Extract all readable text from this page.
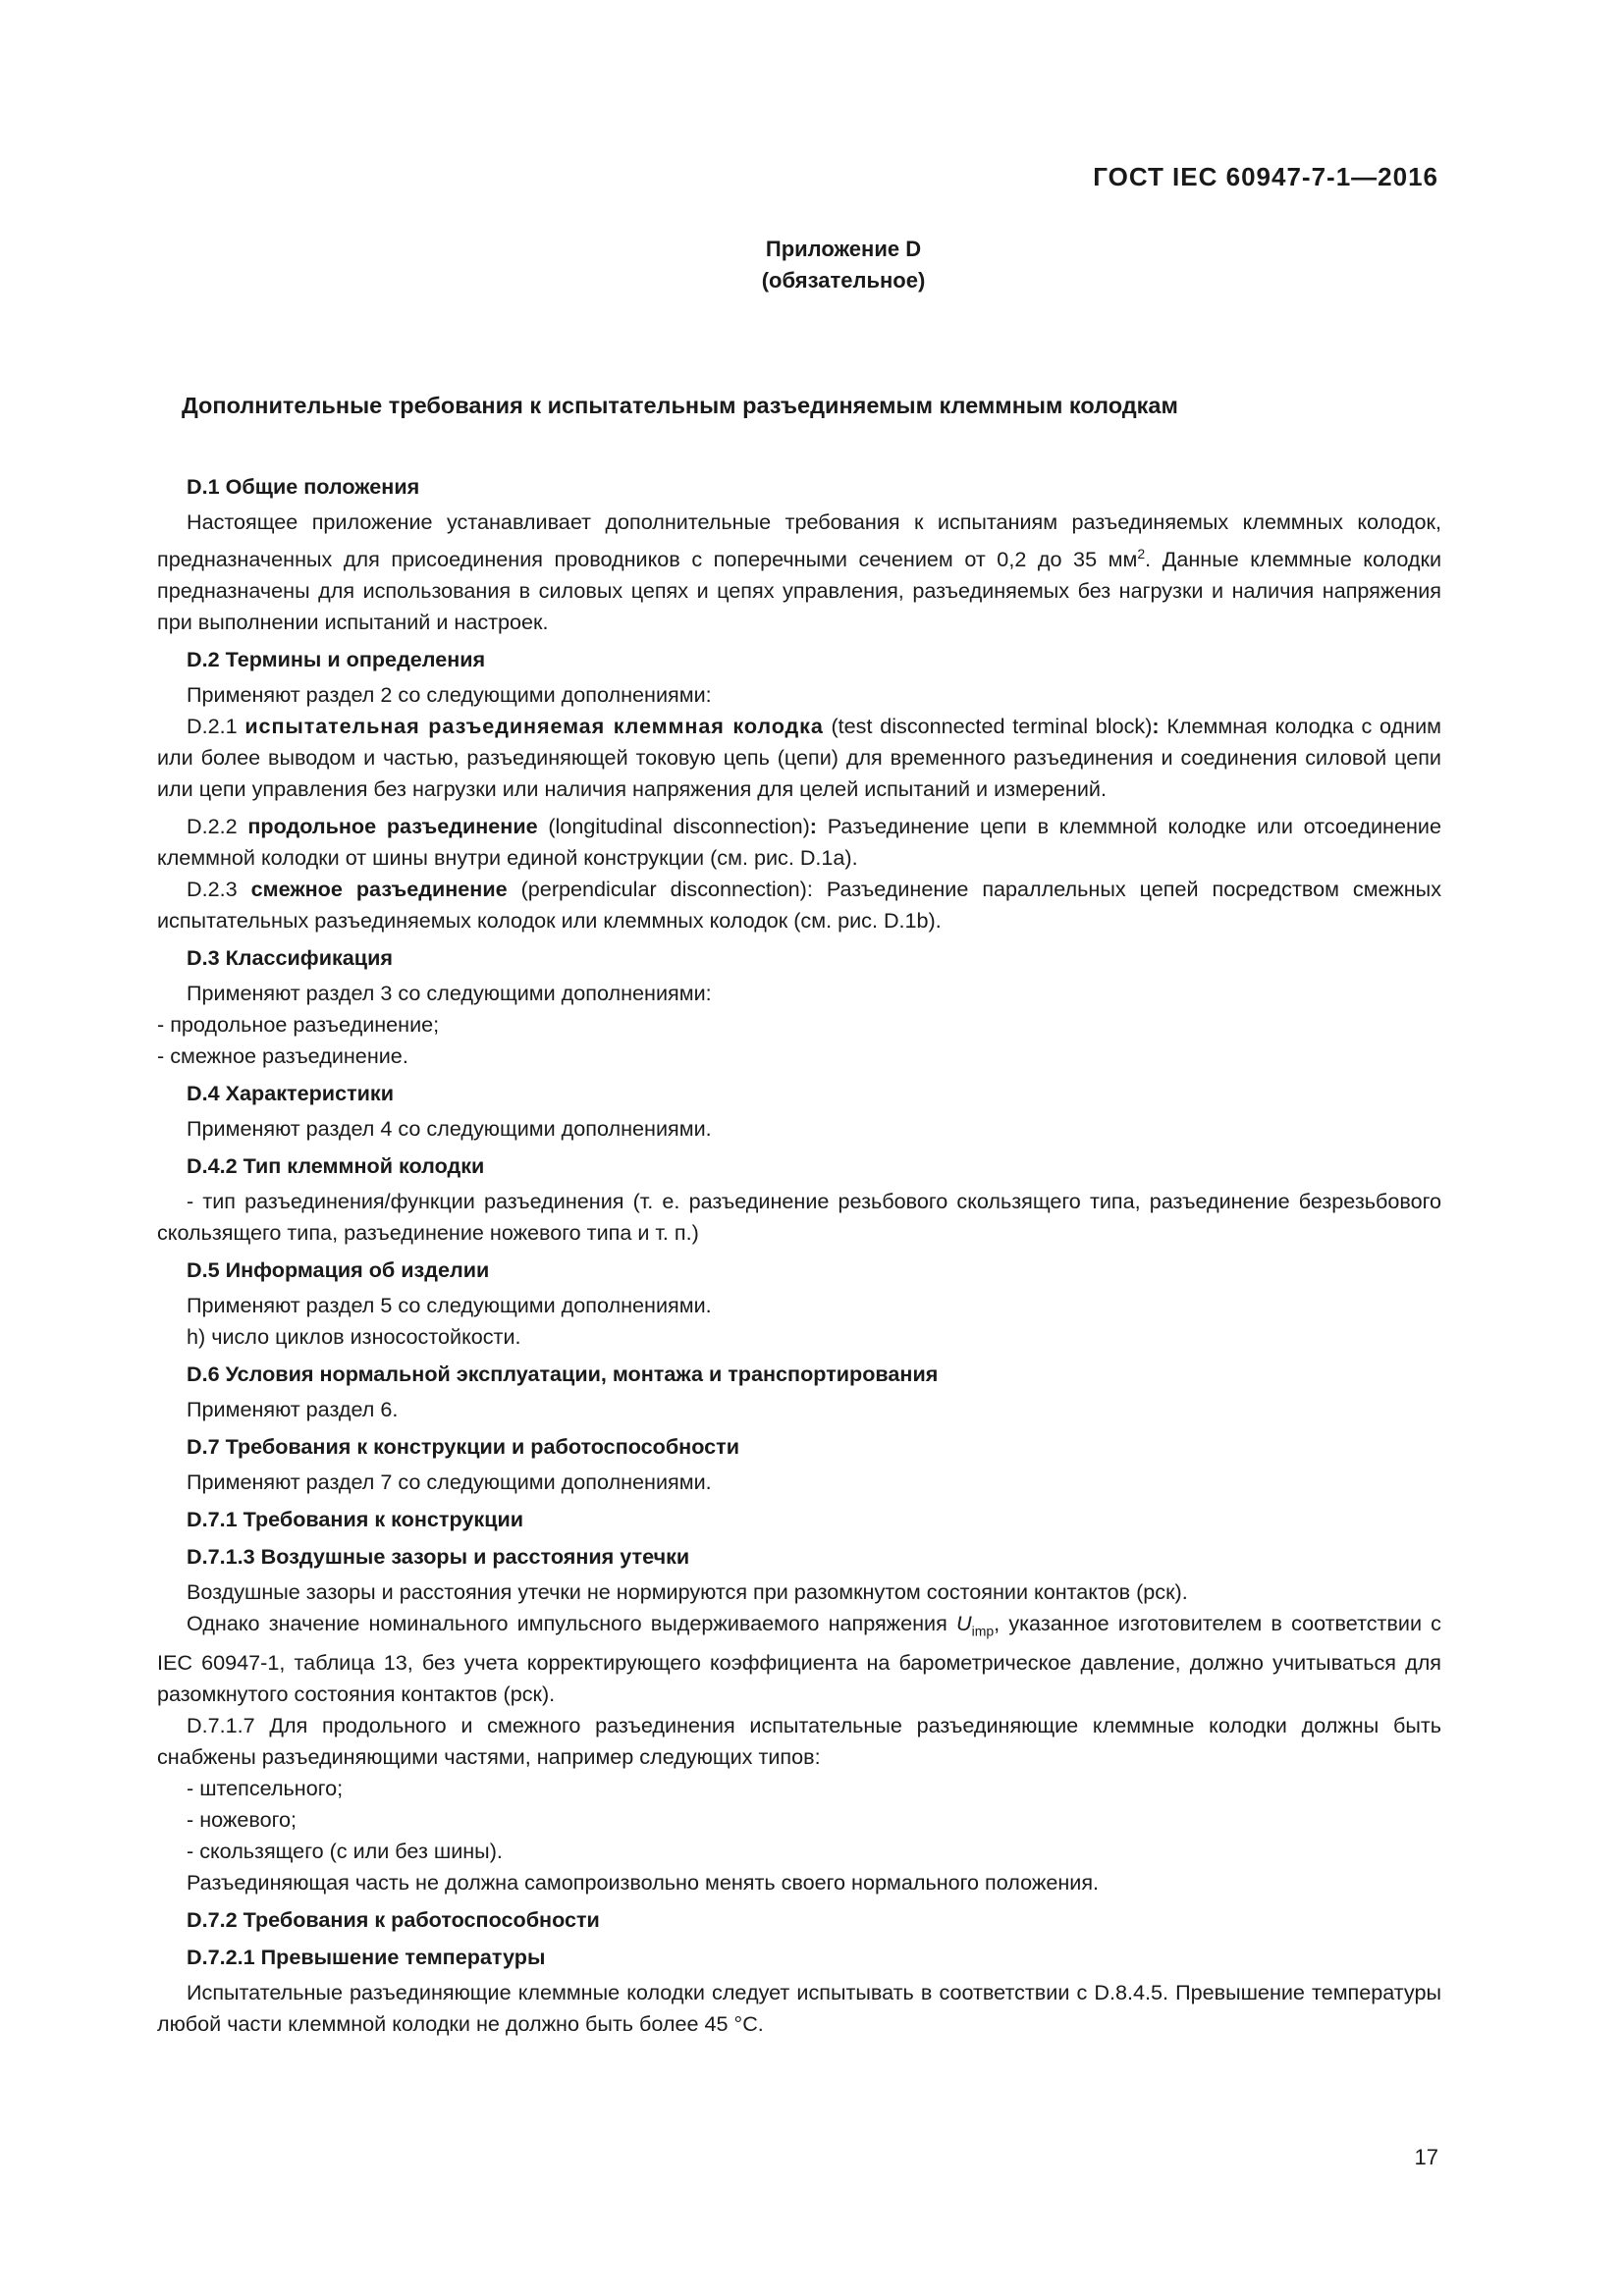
ГОСТ IEC 60947-7-1—2016
Приложение D
(обязательное)
Дополнительные требования к испытательным разъединяемым клеммным колодкам
D.1 Общие положения

Настоящее приложение устанавливает дополнительные требования к испытаниям разъединяемых клеммных колодок, предназначенных для присоединения проводников с поперечными сечением от 0,2 до 35 $мм^2$. Данные клеммные колодки предназначены для использования в силовых цепях и цепях управления, разъединяемых без нагрузки и наличия напряжения при выполнении испытаний и настроек.

D.2 Термины и определения

Применяют раздел 2 со следующими дополнениями:

D.2.1 испытательная разъединяемая клеммная колодка (test disconnected terminal block): Клеммная колодка с одним или более выводом и частью, разъединяющей токовую цепь (цепи) для временного разъединения и соединения силовой цепи или цепи управления без нагрузки или наличия напряжения для целей испытаний и измерений.

D.2.2 продольное разъединение (longitudinal disconnection): Разъединение цепи в клеммной колодке или отсоединение клеммной колодки от шины внутри единой конструкции (см. рис. D.1a).

D.2.3 смежное разъединение (perpendicular disconnection): Разъединение параллельных цепей посредством смежных испытательных разъединяемых колодок или клеммных колодок (см. рис. D.1b).

D.3 Классификация

Применяют раздел 3 со следующими дополнениями:

- продольное разъединение;

- смежное разъединение.

D.4 Характеристики

Применяют раздел 4 со следующими дополнениями.

D.4.2 Тип клеммной колодки

- тип разъединения/функции разъединения (т. е. разъединение резьбового скользящего типа, разъединение безрезьбового скользящего типа, разъединение ножевого типа и т. п.)

D.5 Информация об изделии

Применяют раздел 5 со следующими дополнениями.

h) число циклов износостойкости.

D.6 Условия нормальной эксплуатации, монтажа и транспортирования

Применяют раздел 6.

D.7 Требования к конструкции и работоспособности

Применяют раздел 7 со следующими дополнениями.

D.7.1 Требования к конструкции
D.7.1.3 Воздушные зазоры и расстояния утечки

Воздушные зазоры и расстояния утечки не нормируются при разомкнутом состоянии контактов (рск).

Однако значение номинального импульсного выдерживаемого напряжения $U_{imp}$, указанное изготовителем в соответствии с IEC 60947-1, таблица 13, без учета корректирующего коэффициента на барометрическое давление, должно учитываться для разомкнутого состояния контактов (рск).

D.7.1.7 Для продольного и смежного разъединения испытательные разъединяющие клеммные колодки должны быть снабжены разъединяющими частями, например следующих типов:

- штепсельного;

- ножевого;

- скользящего (с или без шины).

Разъединяющая часть не должна самопроизвольно менять своего нормального положения.

D.7.2 Требования к работоспособности
D.7.2.1 Превышение температуры

Испытательные разъединяющие клеммные колодки следует испытывать в соответствии с D.8.4.5. Превышение температуры любой части клеммной колодки не должно быть более 45 °С.

17
